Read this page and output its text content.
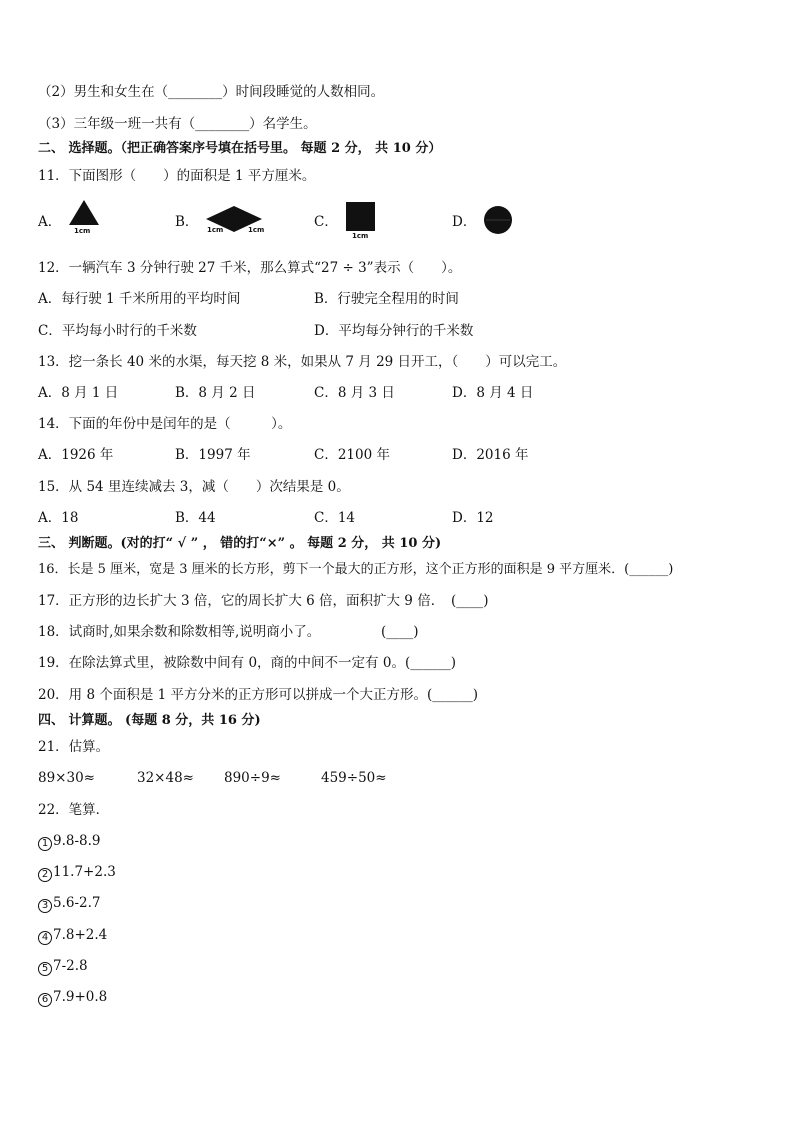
（2）男生和女生在（________）时间段睡觉的人数相同。
（3）三年级一班一共有（________）名学生。
二、 选择题。（把正确答案序号填在括号里。 每题 2 分， 共 10 分）
11．下面图形（　　）的面积是 1 平方厘米。
A．
1cm
B． 1cm	1cm	C．
1cm
D．
12．一辆汽车 3 分钟行驶 27 千米，那么算式“27 ÷ 3”表示（　　）。
A．每行驶 1 千米所用的平均时间	B．行驶完全程用的时间
C．平均每小时行的千米数	D．平均每分钟行的千米数
13．挖一条长 40 米的水渠，每天挖 8 米，如果从 7 月 29 日开工，（　　）可以完工。
A．8 月 1 日	B．8 月 2 日	C．8 月 3 日	D．8 月 4 日
14．下面的年份中是闰年的是（　　　）。
A．1926 年	B．1997 年	C．2100 年	D．2016 年
15．从 54 里连续减去 3，减（　　）次结果是 0。
A．18	B．44	C．14	D．12
三、 判断题。(对的打“ √ ” ， 错的打“×” 。 每题 2 分， 共 10 分)
16．长是 5 厘米，宽是 3 厘米的长方形，剪下一个最大的正方形，这个正方形的面积是 9 平方厘米．(______)
17．正方形的边长扩大 3 倍，它的周长扩大 6 倍，面积扩大 9 倍．　(____)
18．试商时,如果余数和除数相等,说明商小了。　　　　　(____)
19．在除法算式里，被除数中间有 0，商的中间不一定有 0。(______)
20．用 8 个面积是 1 平方分米的正方形可以拼成一个大正方形。(______)
四、 计算题。 (每题 8 分，共 16 分)
21．估算。
89×30≈	32×48≈ 890÷9≈	459÷50≈
22．笔算．
1 9.8-8.9
2 11.7+2.3
3 5.6-2.7
4 7.8+2.4
5 7-2.8
6 7.9+0.8
